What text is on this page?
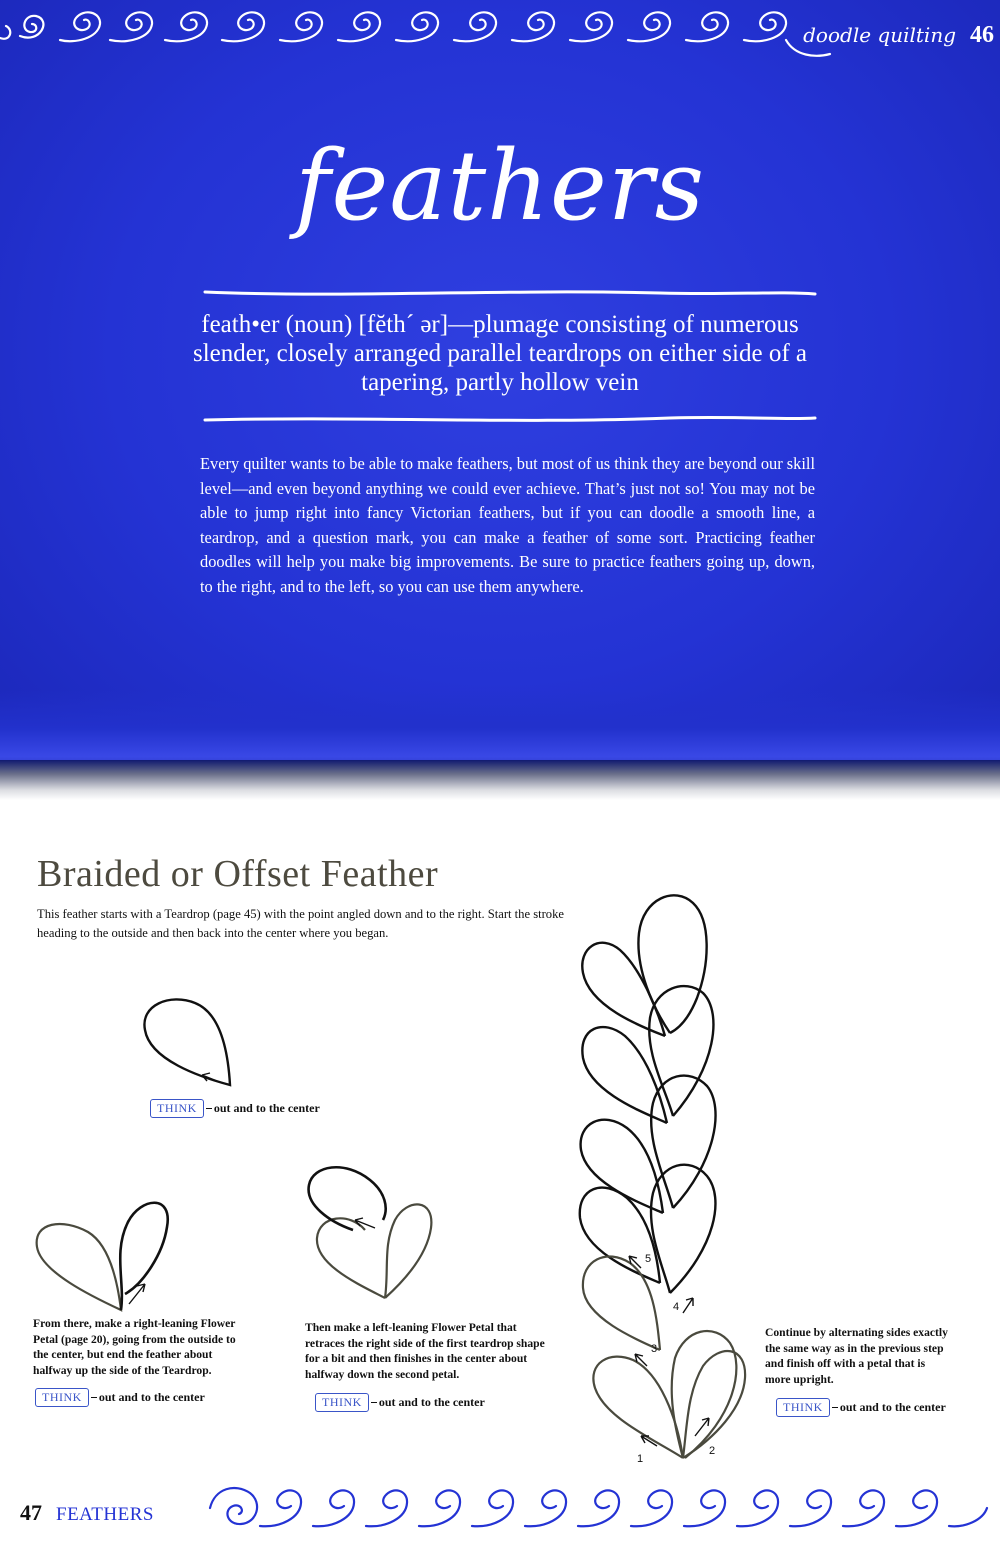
doodle quilting 46
feathers
feath•er (noun) [fĕth´ ər]—plumage consisting of numerous slender, closely arranged parallel teardrops on either side of a tapering, partly hollow vein
Every quilter wants to be able to make feathers, but most of us think they are beyond our skill level—and even beyond anything we could ever achieve. That’s just not so! You may not be able to jump right into fancy Victorian feathers, but if you can doodle a smooth line, a teardrop, and a question mark, you can make a feather of some sort. Practicing feather doodles will help you make big improvements. Be sure to practice feathers going up, down, to the right, and to the left, so you can use them anywhere.
Braided or Offset Feather
This feather starts with a Teardrop (page 45) with the point angled down and to the right. Start the stroke heading to the outside and then back into the center where you began.
THINK	out and to the center
From there, make a right-leaning Flower Petal (page 20), going from the outside to the center, but end the feather about halfway up the side of the Teardrop.
THINK	out and to the center
Then make a left-leaning Flower Petal that retraces the right side of the first teardrop shape for a bit and then finishes in the center about halfway down the second petal.
THINK	out and to the center
1
2
3
4
5
Continue by alternating sides exactly the same way as in the previous step and finish off with a petal that is more upright.
THINK	out and to the center
47 FEATHERS
